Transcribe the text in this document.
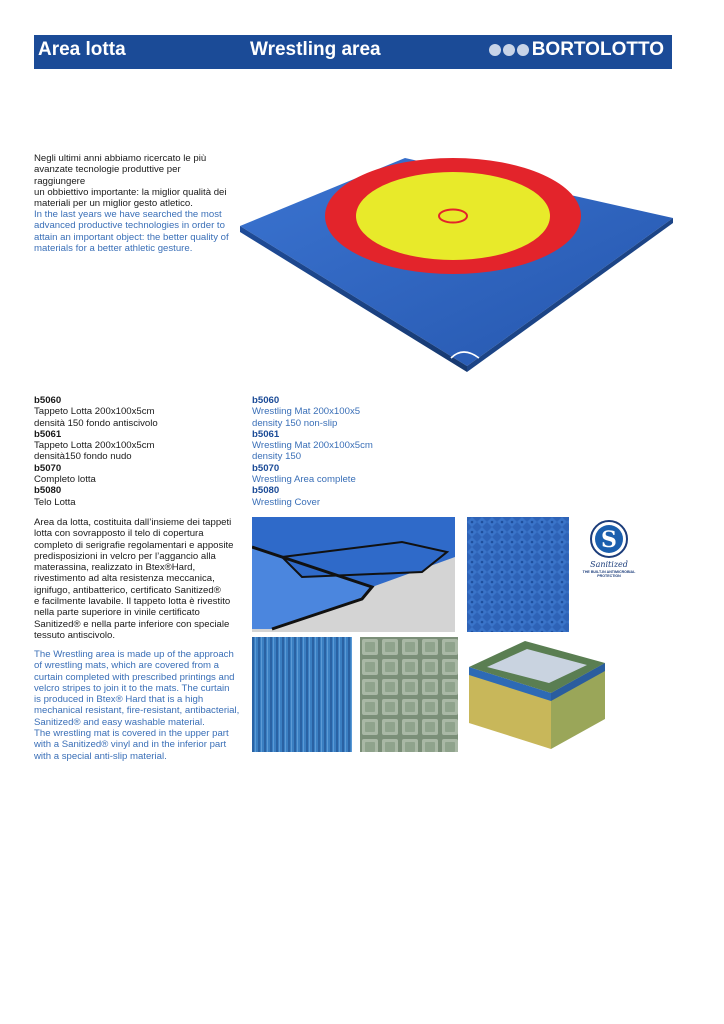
Area lotta	Wrestling area	BORTOLOTTO

Negli ultimi anni abbiamo ricercato le più
avanzate tecnologie produttive per raggiungere
un obbiettivo importante: la miglior qualità dei
materiali per un miglior gesto atletico.

In the last years we have searched the most
advanced productive technologies in order to
attain an important object: the better quality of
materials for a better athletic gesture.

b5060
Tappeto Lotta 200x100x5cm
densità 150 fondo antiscivolo
b5061
Tappeto Lotta 200x100x5cm
densità150 fondo nudo
b5070
Completo lotta
b5080
Telo Lotta

b5060
Wrestling Mat 200x100x5
density 150 non-slip
b5061
Wrestling Mat 200x100x5cm
density 150
b5070
Wrestling Area complete
b5080
Wrestling Cover

Area da lotta, costituita dall’insieme dei tappeti
lotta con sovrapposto il telo di copertura
completo di serigrafie regolamentari e apposite
predisposizioni in velcro per l’aggancio alla
materassina, realizzato in Btex®Hard,
rivestimento ad alta resistenza meccanica,
ignifugo, antibatterico, certificato Sanitized®
e facilmente lavabile. Il tappeto lotta è rivestito
nella parte superiore in vinile certificato
Sanitized® e nella parte inferiore con speciale
tessuto antiscivolo.

The Wrestling area is made up of the approach
of wrestling mats, which are covered from a
curtain completed with prescribed printings and
velcro stripes to join it to the mats. The curtain
is produced in Btex® Hard that is a high
mechanical resistant, fire-resistant, antibacterial,
Sanitized® and easy washable material.
The wrestling mat is covered in the upper part
with a Sanitized® vinyl and in the inferior part
with a special anti-slip material.

S
Sanitized
THE BUILT-IN ANTIMICROBIAL PROTECTION
